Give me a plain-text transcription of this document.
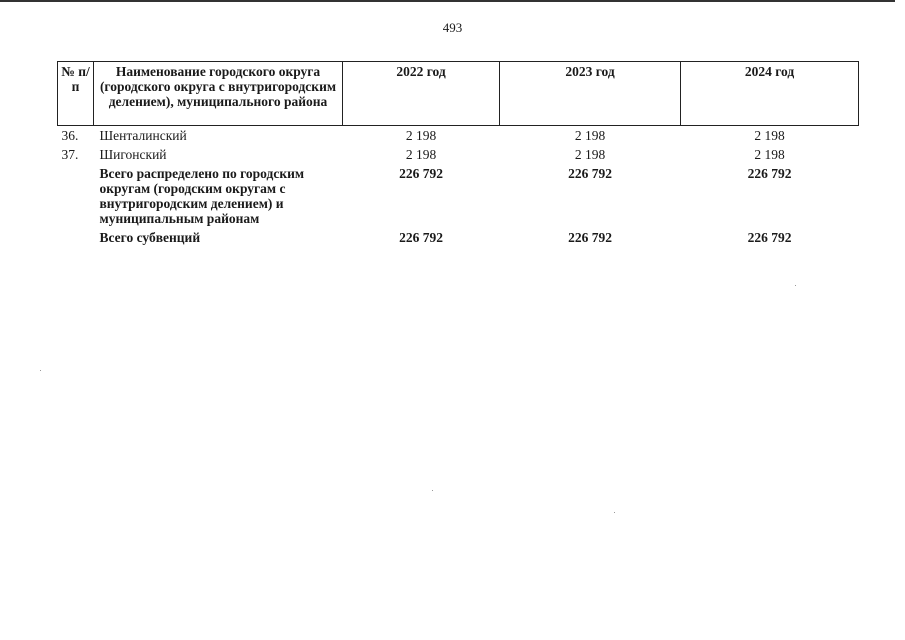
493
№ п/п	Наименование городского округа (городского округа с внутригородским делением), муниципального района	2022 год	2023 год	2024 год
36.	Шенталинский	2 198	2 198	2 198
37.	Шигонский	2 198	2 198	2 198
	Всего распределено по городским округам (городским округам с внутригородским делением) и муниципальным районам	226 792	226 792	226 792
	Всего субвенций	226 792	226 792	226 792
